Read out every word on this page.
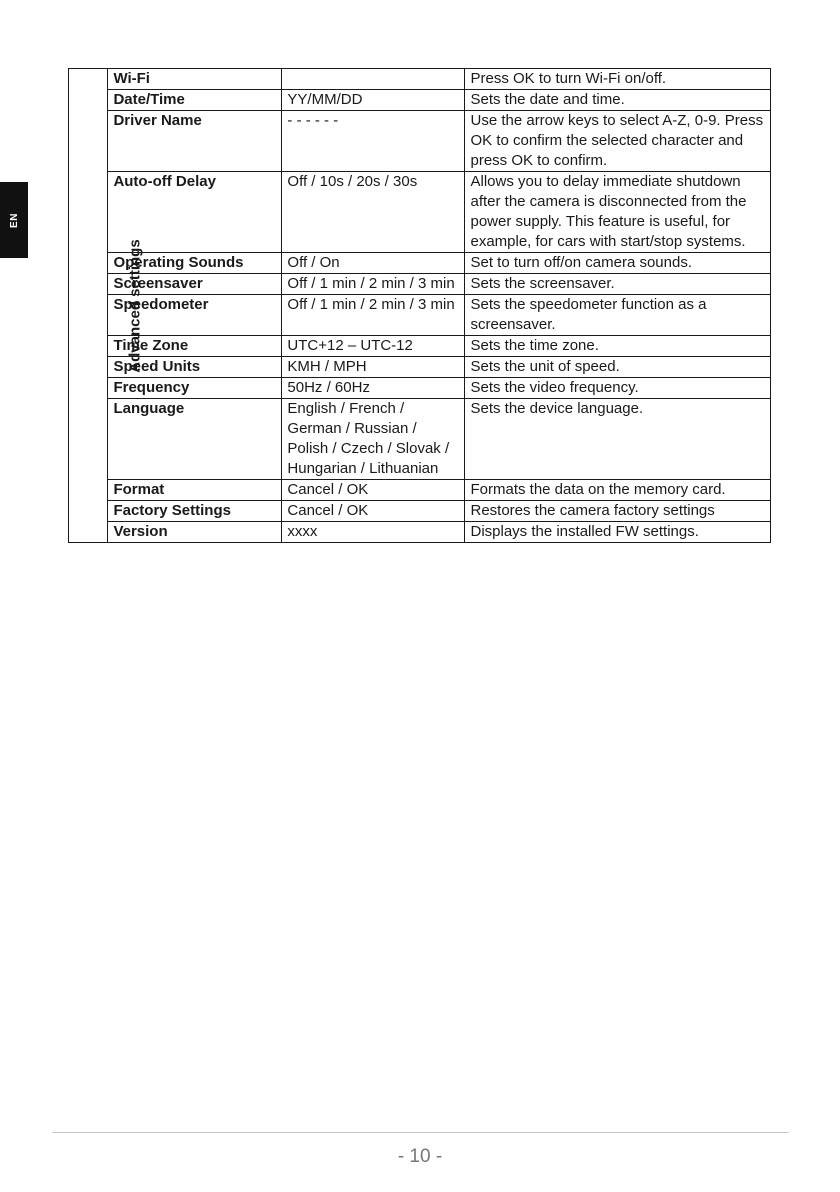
EN
Advanced settings	Wi-Fi		Press OK to turn Wi-Fi on/off.
	Date/Time	YY/MM/DD	Sets the date and time.
	Driver Name	- - - - - -	Use the arrow keys to select A-Z, 0-9. Press OK to confirm the selected character and press OK to confirm.
	Auto-off Delay	Off / 10s / 20s / 30s	Allows you to delay immediate shutdown after the camera is disconnected from the power supply. This feature is useful, for example, for cars with start/stop systems.
	Operating Sounds	Off / On	Set to turn off/on camera sounds.
	Screensaver	Off / 1 min / 2 min / 3 min	Sets the screensaver.
	Speedometer	Off / 1 min / 2 min / 3 min	Sets the speedometer function as a screensaver.
	Time Zone	UTC+12 – UTC-12	Sets the time zone.
	Speed Units	KMH / MPH	Sets the unit of speed.
	Frequency	50Hz / 60Hz	Sets the video frequency.
	Language	English / French / German / Russian / Polish / Czech / Slovak / Hungarian / Lithuanian	Sets the device language.
	Format	Cancel / OK	Formats the data on the memory card.
	Factory Settings	Cancel / OK	Restores the camera factory settings
	Version	xxxx	Displays the installed FW settings.
- 10 -
